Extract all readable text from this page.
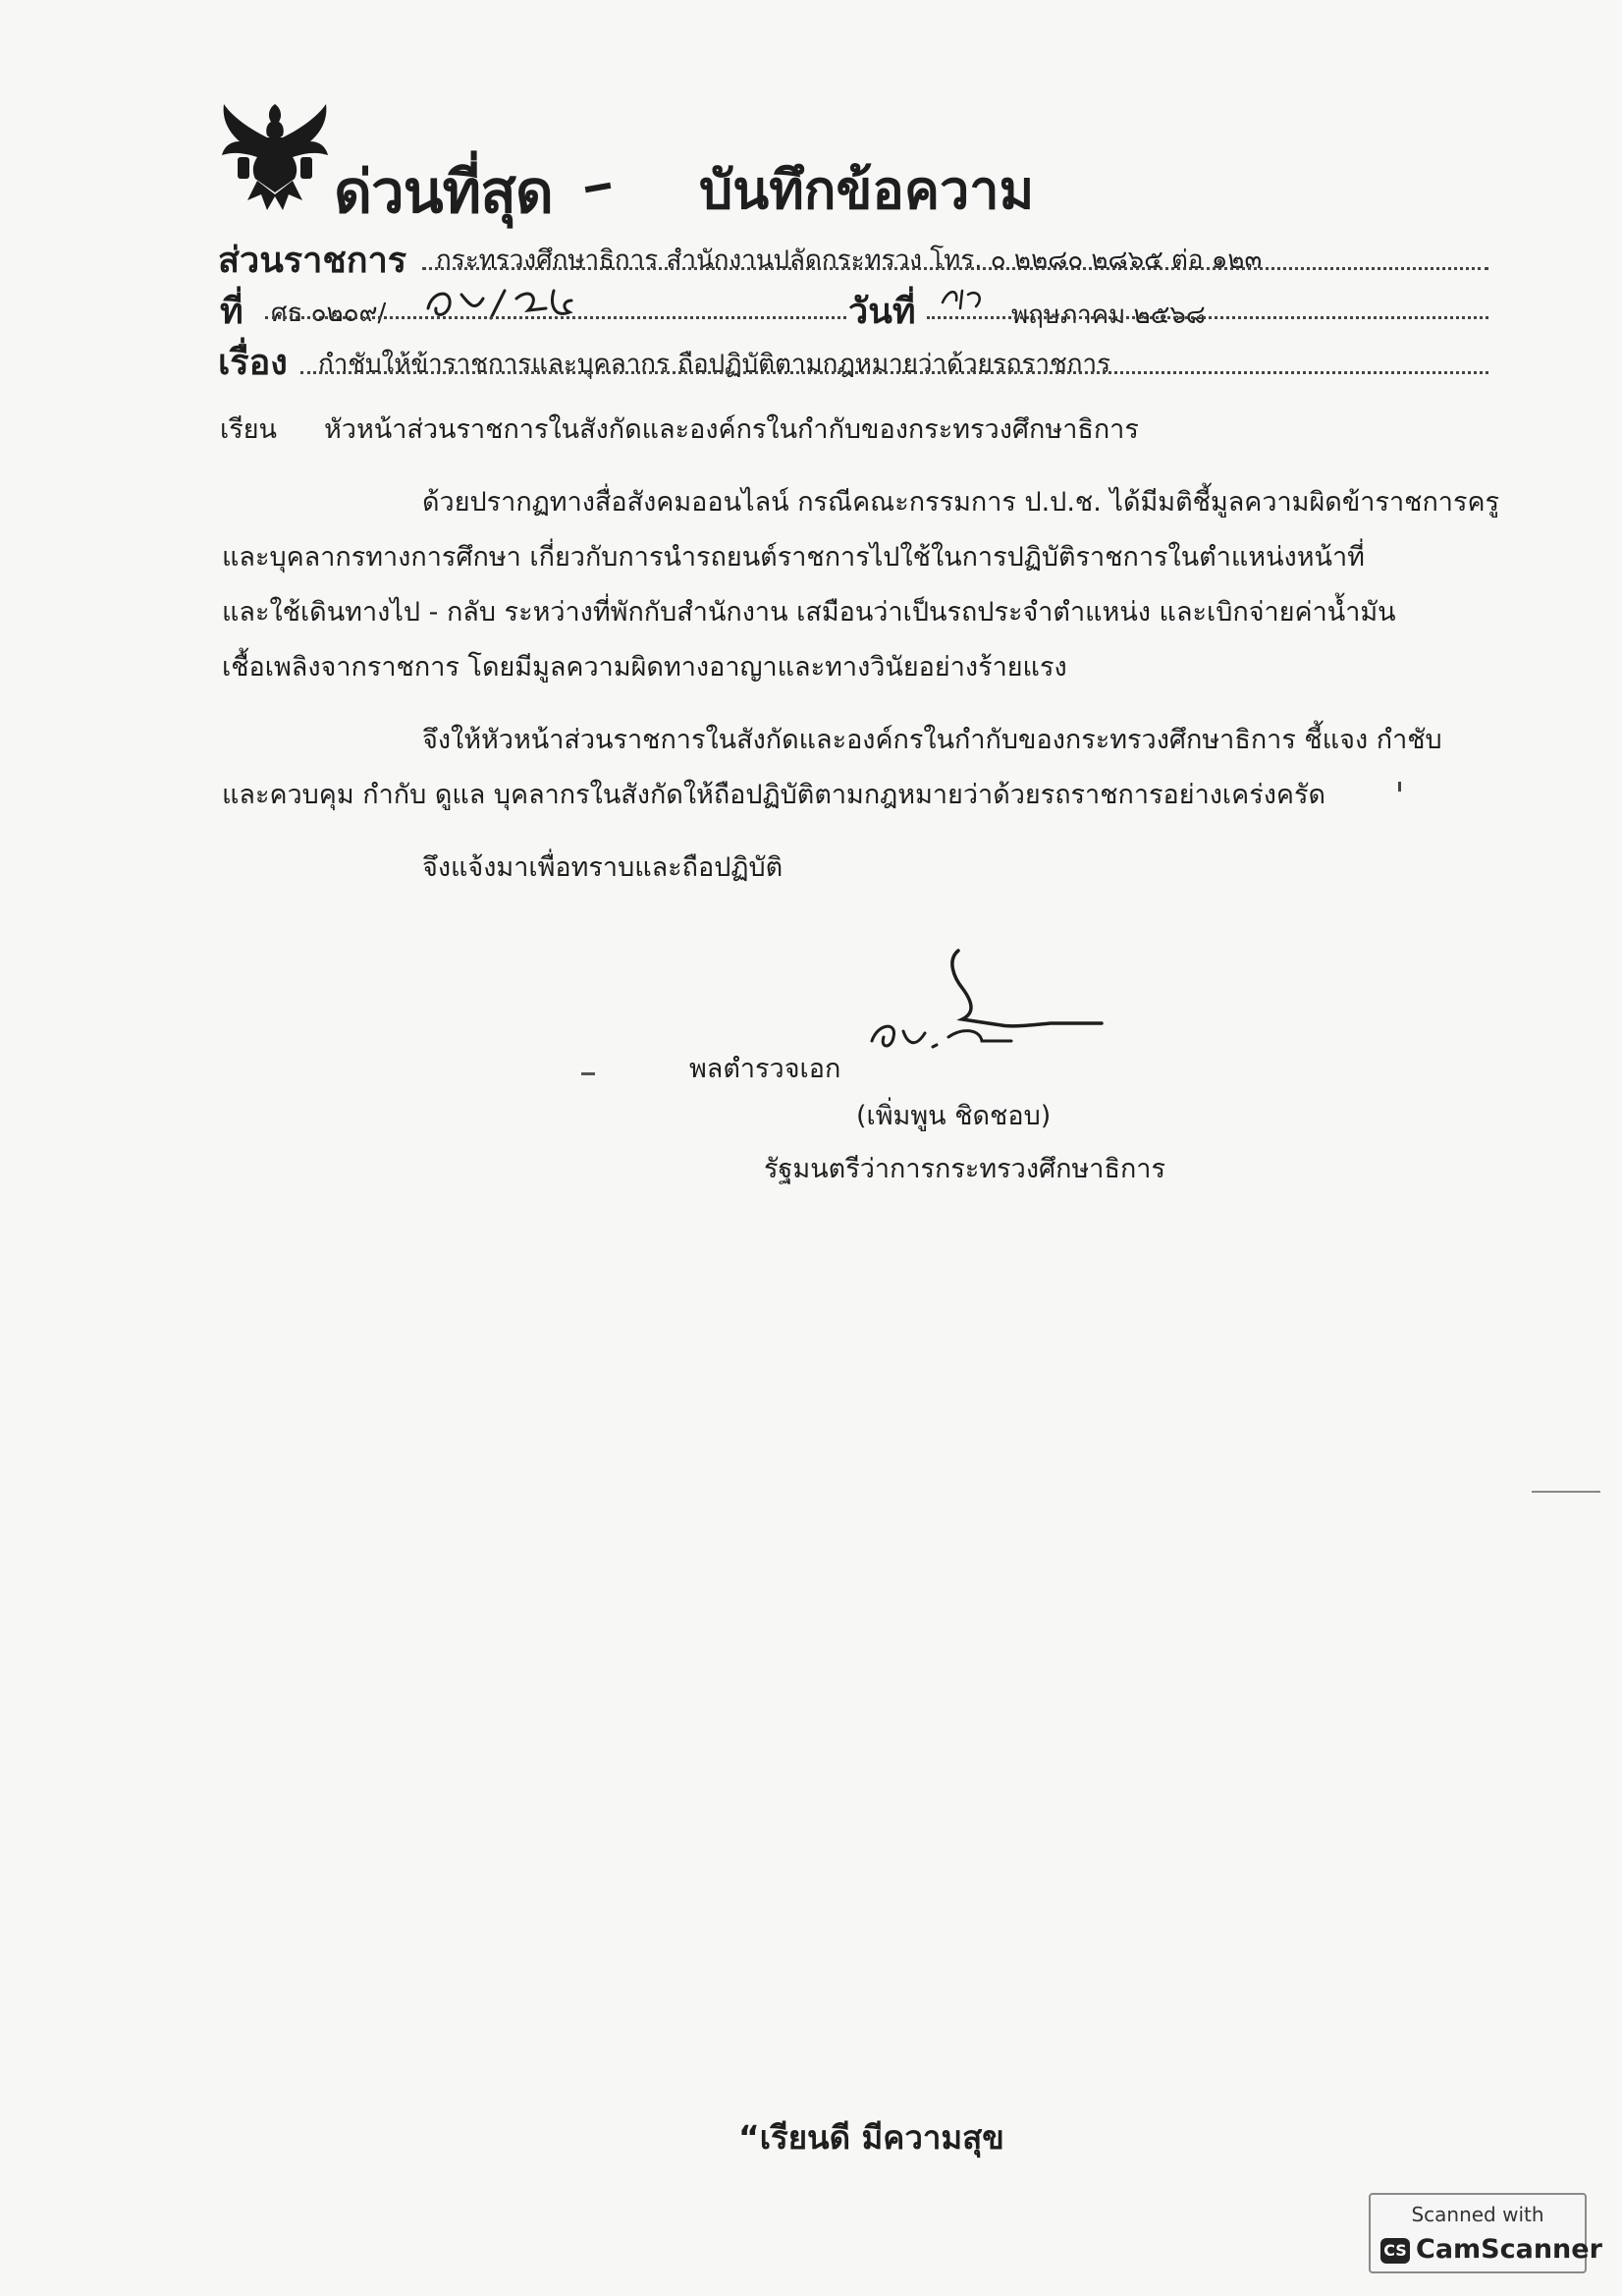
ด่วนที่สุด	บันทึกข้อความ
ส่วนราชการ กระทรวงศึกษาธิการ สำนักงานปลัดกระทรวง โทร. ๐ ๒๒๘๐ ๒๘๖๕ ต่อ ๑๒๓
ที่ ศธ ๐๒๐๙/	วันที่	พฤษภาคม ๒๕๖๘
เรื่อง กำชับให้ข้าราชการและบุคลากร ถือปฏิบัติตามกฎหมายว่าด้วยรถราชการ
เรียน หัวหน้าส่วนราชการในสังกัดและองค์กรในกำกับของกระทรวงศึกษาธิการ
ด้วยปรากฏทางสื่อสังคมออนไลน์ กรณีคณะกรรมการ ป.ป.ช. ได้มีมติชี้มูลความผิดข้าราชการครู
และบุคลากรทางการศึกษา เกี่ยวกับการนำรถยนต์ราชการไปใช้ในการปฏิบัติราชการในตำแหน่งหน้าที่
และใช้เดินทางไป - กลับ ระหว่างที่พักกับสำนักงาน เสมือนว่าเป็นรถประจำตำแหน่ง และเบิกจ่ายค่าน้ำมัน
เชื้อเพลิงจากราชการ โดยมีมูลความผิดทางอาญาและทางวินัยอย่างร้ายแรง
จึงให้หัวหน้าส่วนราชการในสังกัดและองค์กรในกำกับของกระทรวงศึกษาธิการ ชี้แจง กำชับ
และควบคุม กำกับ ดูแล บุคลากรในสังกัดให้ถือปฏิบัติตามกฎหมายว่าด้วยรถราชการอย่างเคร่งครัด
จึงแจ้งมาเพื่อทราบและถือปฏิบัติ
พลตำรวจเอก
(เพิ่มพูน ชิดชอบ)
รัฐมนตรีว่าการกระทรวงศึกษาธิการ
“เรียนดี มีความสุข
Scanned with
CS CamScanner
